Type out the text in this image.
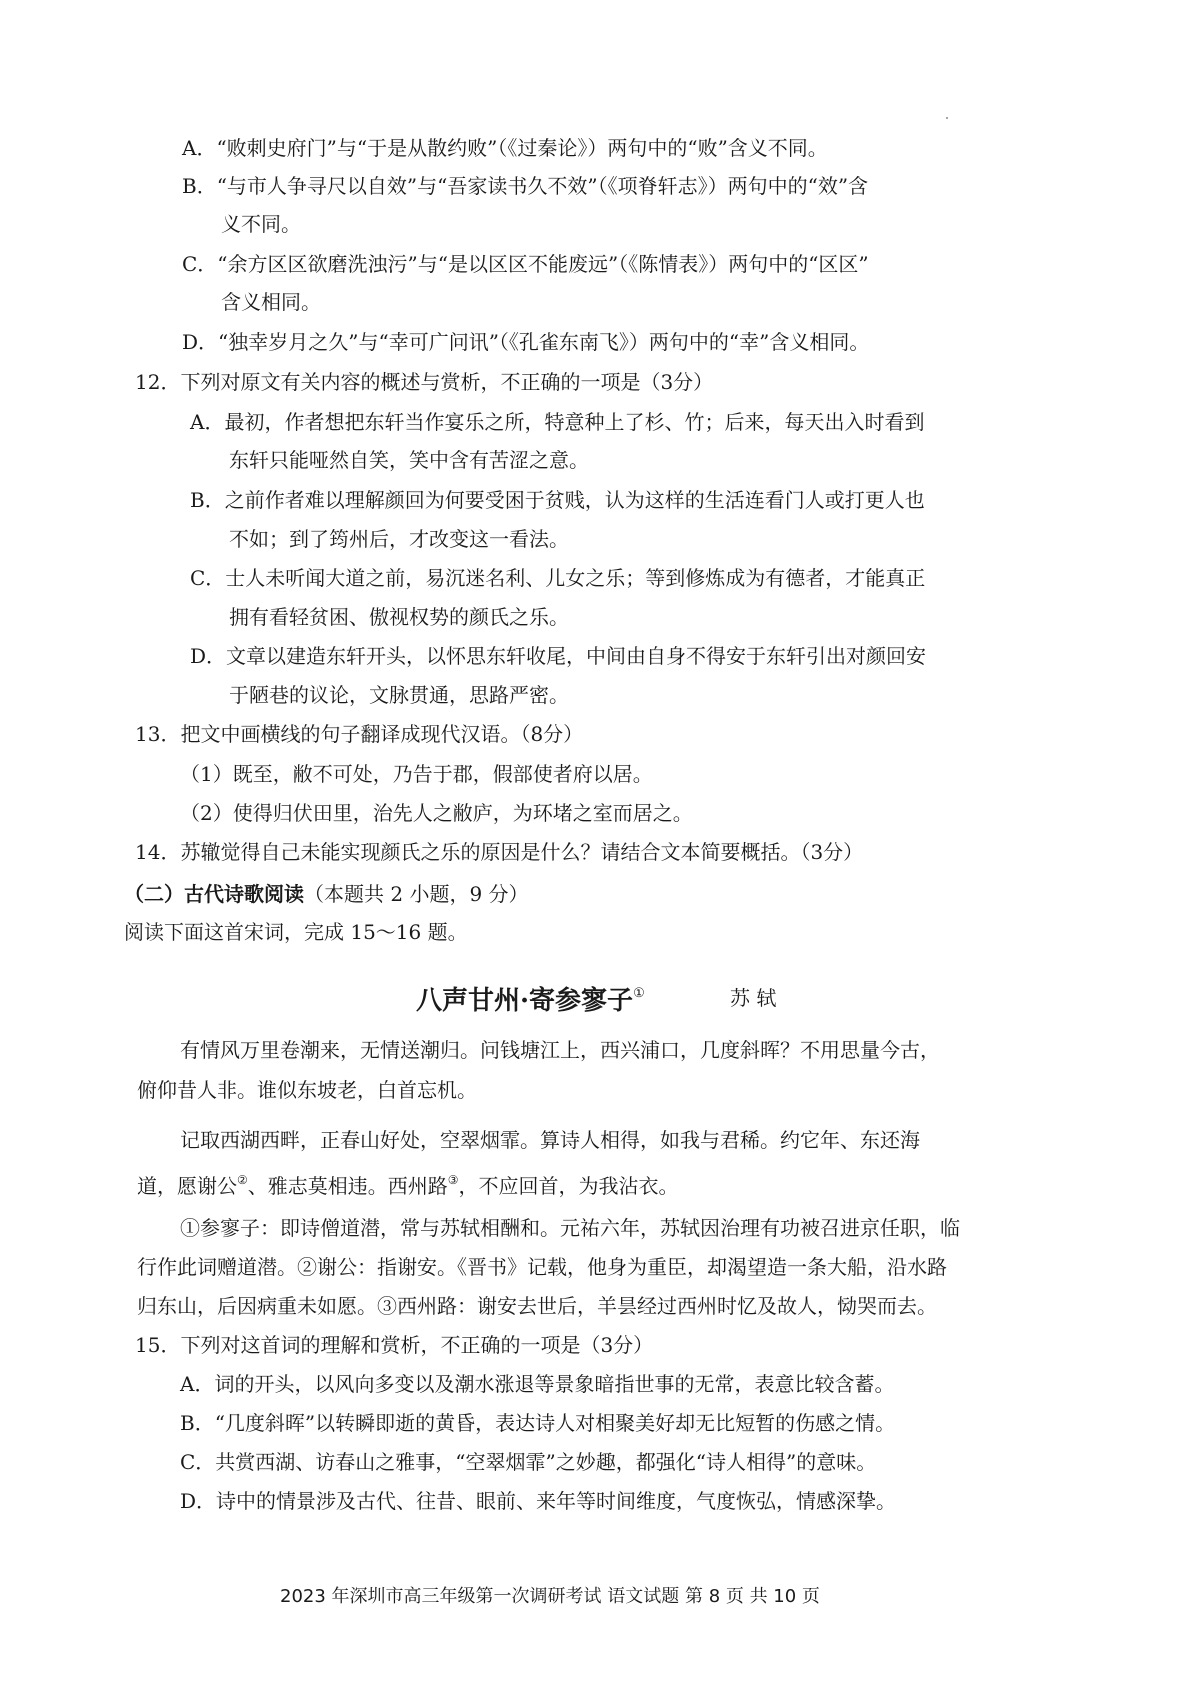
A．“败刺史府门”与“于是从散约败”（《过秦论》）两句中的“败”含义不同。
B．“与市人争寻尺以自效”与“吾家读书久不效”（《项脊轩志》）两句中的“效”含
义不同。
C．“余方区区欲磨洗浊污”与“是以区区不能废远”（《陈情表》）两句中的“区区”
含义相同。
D．“独幸岁月之久”与“幸可广问讯”（《孔雀东南飞》）两句中的“幸”含义相同。
12．下列对原文有关内容的概述与赏析，不正确的一项是（3分）
A．最初，作者想把东轩当作宴乐之所，特意种上了杉、竹；后来，每天出入时看到
东轩只能哑然自笑，笑中含有苦涩之意。
B．之前作者难以理解颜回为何要受困于贫贱，认为这样的生活连看门人或打更人也
不如；到了筠州后，才改变这一看法。
C．士人未听闻大道之前，易沉迷名利、儿女之乐；等到修炼成为有德者，才能真正
拥有看轻贫困、傲视权势的颜氏之乐。
D．文章以建造东轩开头，以怀思东轩收尾，中间由自身不得安于东轩引出对颜回安
于陋巷的议论，文脉贯通，思路严密。
13．把文中画横线的句子翻译成现代汉语。（8分）
（1）既至，敝不可处，乃告于郡，假部使者府以居。
（2）使得归伏田里，治先人之敝庐，为环堵之室而居之。
14．苏辙觉得自己未能实现颜氏之乐的原因是什么？请结合文本简要概括。（3分）
（二）古代诗歌阅读（本题共 2 小题，9 分）
阅读下面这首宋词，完成 15～16 题。
八声甘州·寄参寥子①	苏 轼
有情风万里卷潮来，无情送潮归。问钱塘江上，西兴浦口，几度斜晖？不用思量今古，
俯仰昔人非。谁似东坡老，白首忘机。
记取西湖西畔，正春山好处，空翠烟霏。算诗人相得，如我与君稀。约它年、东还海
道，愿谢公②、雅志莫相违。西州路③，不应回首，为我沾衣。
①参寥子：即诗僧道潜，常与苏轼相酬和。元祐六年，苏轼因治理有功被召进京任职，临
行作此词赠道潜。②谢公：指谢安。《晋书》记载，他身为重臣，却渴望造一条大船，沿水路
归东山，后因病重未如愿。③西州路：谢安去世后，羊昙经过西州时忆及故人，恸哭而去。
15．下列对这首词的理解和赏析，不正确的一项是（3分）
A．词的开头，以风向多变以及潮水涨退等景象暗指世事的无常，表意比较含蓄。
B．“几度斜晖”以转瞬即逝的黄昏，表达诗人对相聚美好却无比短暂的伤感之情。
C．共赏西湖、访春山之雅事，“空翠烟霏”之妙趣，都强化“诗人相得”的意味。
D．诗中的情景涉及古代、往昔、眼前、来年等时间维度，气度恢弘，情感深挚。
2023 年深圳市高三年级第一次调研考试 语文试题 第 8 页 共 10 页
